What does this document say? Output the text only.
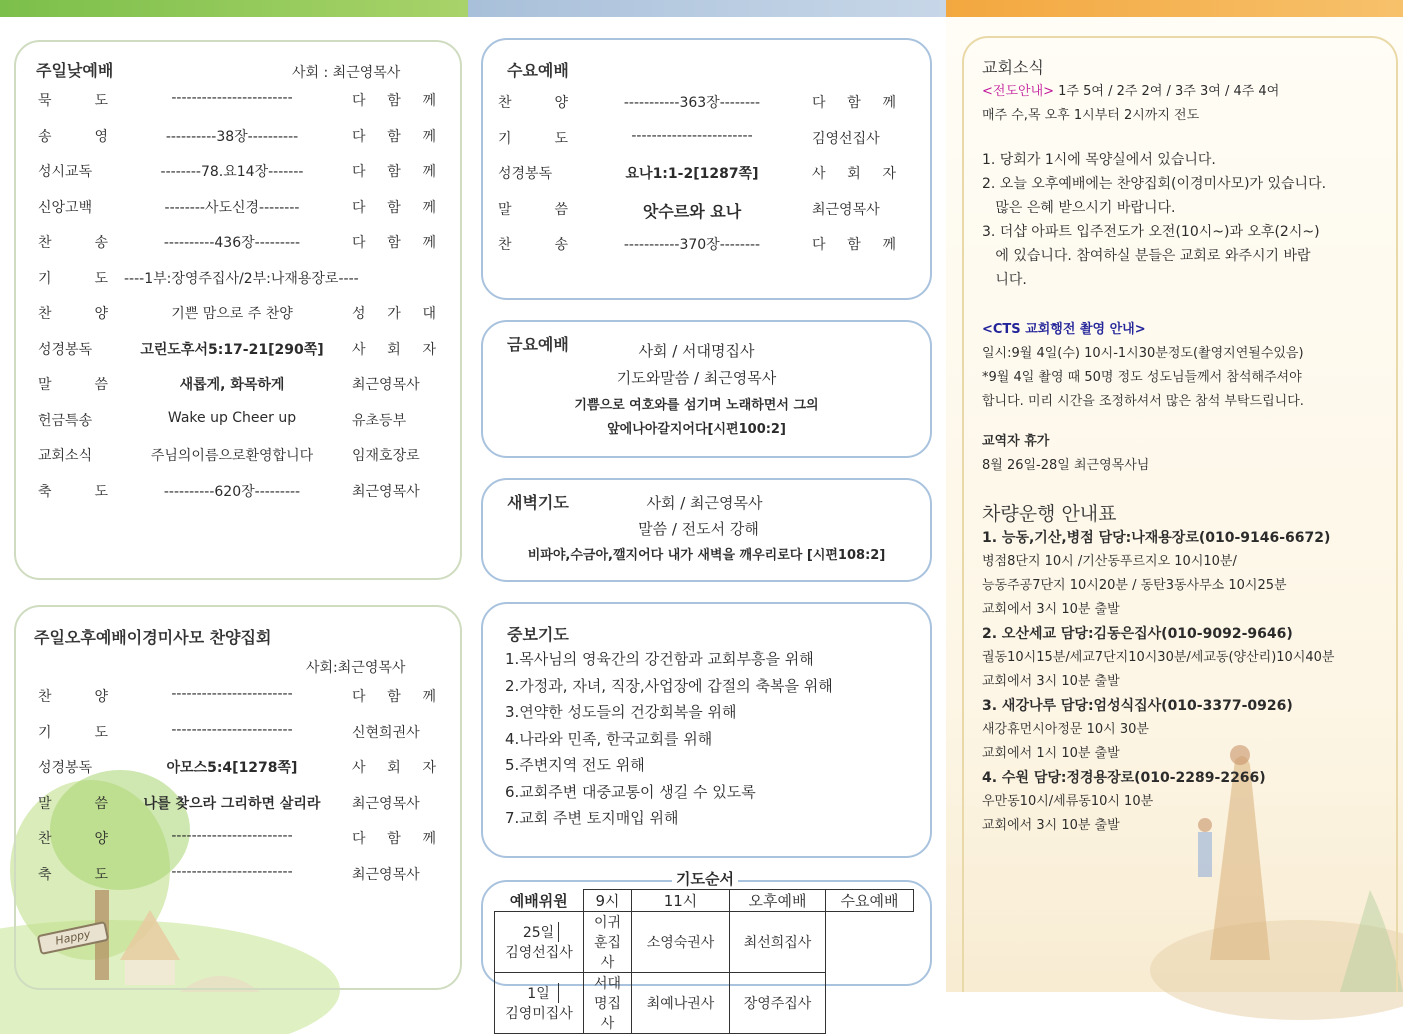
Happy
주일낮예배	사회 : 최근영목사
묵 도	------------------------	다 함 께
송 영	----------38장----------	다 함 께
성시교독	--------78.요14장-------	다 함 께
신앙고백	--------사도신경--------	다 함 께
찬 송	----------436장---------	다 함 께
기 도 ----1부:장영주집사/2부:나재용장로----
찬 양	기쁜 맘으로 주 찬양	성 가 대
성경봉독	고린도후서5:17-21[290쪽]	사 회 자
말 씀	새롭게, 화목하게	최근영목사
헌금특송	Wake up Cheer up	유초등부
교회소식	주님의이름으로환영합니다	임재호장로
축 도	----------620장---------	최근영목사
주일오후예배이경미사모 찬양집회
사회:최근영목사
찬 양	------------------------	다 함 께
기 도	------------------------	신현희권사
성경봉독	아모스5:4[1278쪽]	사 회 자
말 씀	나를 찾으라 그리하면 살리라	최근영목사
찬 양	------------------------	다 함 께
축 도	------------------------	최근영목사
수요예배
찬 양	-----------363장--------	다 함 께
기 도	------------------------	김영선집사
성경봉독	요나1:1-2[1287쪽]	사 회 자
말 씀	앗수르와 요나	최근영목사
찬 송	-----------370장--------	다 함 께
금요예배	사회 / 서대명집사
기도와말씀 / 최근영목사
기쁨으로 여호와를 섬기며 노래하면서 그의
앞에나아갈지어다[시편100:2]
새벽기도	사회 / 최근영목사
말씀 / 전도서 강해
비파야,수금아,깰지어다 내가 새벽을 깨우리로다 [시편108:2]
중보기도
1.목사님의 영육간의 강건함과 교회부흥을 위해
2.가정과, 자녀, 직장,사업장에 갑절의 축복을 위해
3.연약한 성도들의 건강회복을 위해
4.나라와 민족, 한국교회를 위해
5.주변지역 전도 위해
6.교회주변 대중교통이 생길 수 있도록
7.교회 주변 토지매입 위해
기도순서
예배위원	9시	11시	오후예배	수요예배
25일김영선집사	이귀훈집사	소영숙권사	최선희집사	
1일김영미집사	서대명집사	최예나권사	장영주집사	
교회소식
<전도안내> 1주 5여 / 2주 2여 / 3주 3여 / 4주 4여
매주 수,목 오후 1시부터 2시까지 전도
1. 당회가 1시에 목양실에서 있습니다.
2. 오늘 오후예배에는 찬양집회(이경미사모)가 있습니다.
많은 은혜 받으시기 바랍니다.
3. 더샵 아파트 입주전도가 오전(10시~)과 오후(2시~)
에 있습니다. 참여하실 분들은 교회로 와주시기 바랍
니다.
<CTS 교회행전 촬영 안내>
일시:9월 4일(수) 10시-1시30분정도(촬영지연될수있음)
*9월 4일 촬영 때 50명 정도 성도님들께서 참석해주셔야
합니다. 미리 시간을 조정하셔서 많은 참석 부탁드립니다.
교역자 휴가
8월 26일-28일 최근영목사님
차량운행 안내표
1. 능동,기산,병점 담당:나재용장로(010-9146-6672)
병점8단지 10시 /기산동푸르지오 10시10분/
능동주공7단지 10시20분 / 동탄3동사무소 10시25분
교회에서 3시 10분 출발
2. 오산세교 담당:김동은집사(010-9092-9646)
궐동10시15분/세교7단지10시30분/세교동(양산리)10시40분
교회에서 3시 10분 출발
3. 새강나루 담당:엄성식집사(010-3377-0926)
새강휴먼시아정문 10시 30분
교회에서 1시 10분 출발
4. 수원 담당:정경용장로(010-2289-2266)
우만동10시/세류동10시 10분
교회에서 3시 10분 출발
